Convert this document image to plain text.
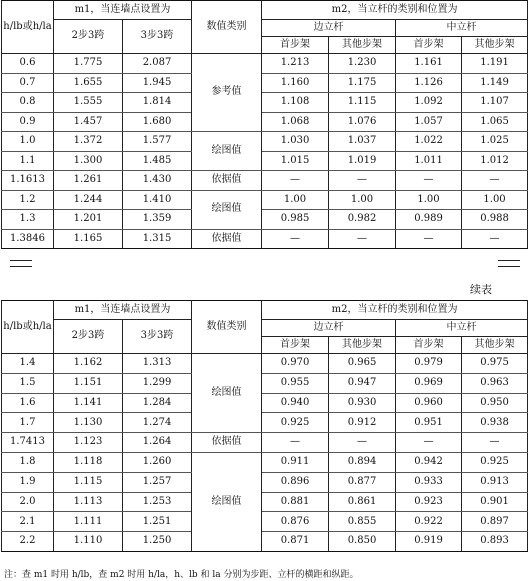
h/lb或h/la	m1，当连墙点设置为		数值类别	m2，当立杆的类别和位置为			
	2步3跨	3步3跨		边立杆		中立杆	
				首步架	其他步架	首步架	其他步架
0.6	1.775	2.087	参考值	1.213	1.230	1.161	1.191
0.7	1.655	1.945		1.160	1.175	1.126	1.149
0.8	1.555	1.814		1.108	1.115	1.092	1.107
0.9	1.457	1.680		1.068	1.076	1.057	1.065
1.0	1.372	1.577	绘图值	1.030	1.037	1.022	1.025
1.1	1.300	1.485		1.015	1.019	1.011	1.012
1.1613	1.261	1.430	依据值	—	—	—	—
1.2	1.244	1.410	绘图值	1.00	1.00	1.00	1.00
1.3	1.201	1.359		0.985	0.982	0.989	0.988
1.3846	1.165	1.315	依据值	—	—	—	—
续表
h/lb或h/la	m1，当连墙点设置为		数值类别	m2，当立杆的类别和位置为			
	2步3跨	3步3跨		边立杆		中立杆	
				首步架	其他步架	首步架	其他步架
1.4	1.162	1.313	绘图值	0.970	0.965	0.979	0.975
1.5	1.151	1.299		0.955	0.947	0.969	0.963
1.6	1.141	1.284		0.940	0.930	0.960	0.950
1.7	1.130	1.274		0.925	0.912	0.951	0.938
1.7413	1.123	1.264	依据值	—	—	—	—
1.8	1.118	1.260	绘图值	0.911	0.894	0.942	0.925
1.9	1.115	1.257		0.896	0.877	0.933	0.913
2.0	1.113	1.253		0.881	0.861	0.923	0.901
2.1	1.111	1.251		0.876	0.855	0.922	0.897
2.2	1.110	1.250		0.871	0.850	0.919	0.893
注：查 m1 时用 h/lb，查 m2 时用 h/la，h、lb 和 la 分别为步距、立杆的横距和纵距。
